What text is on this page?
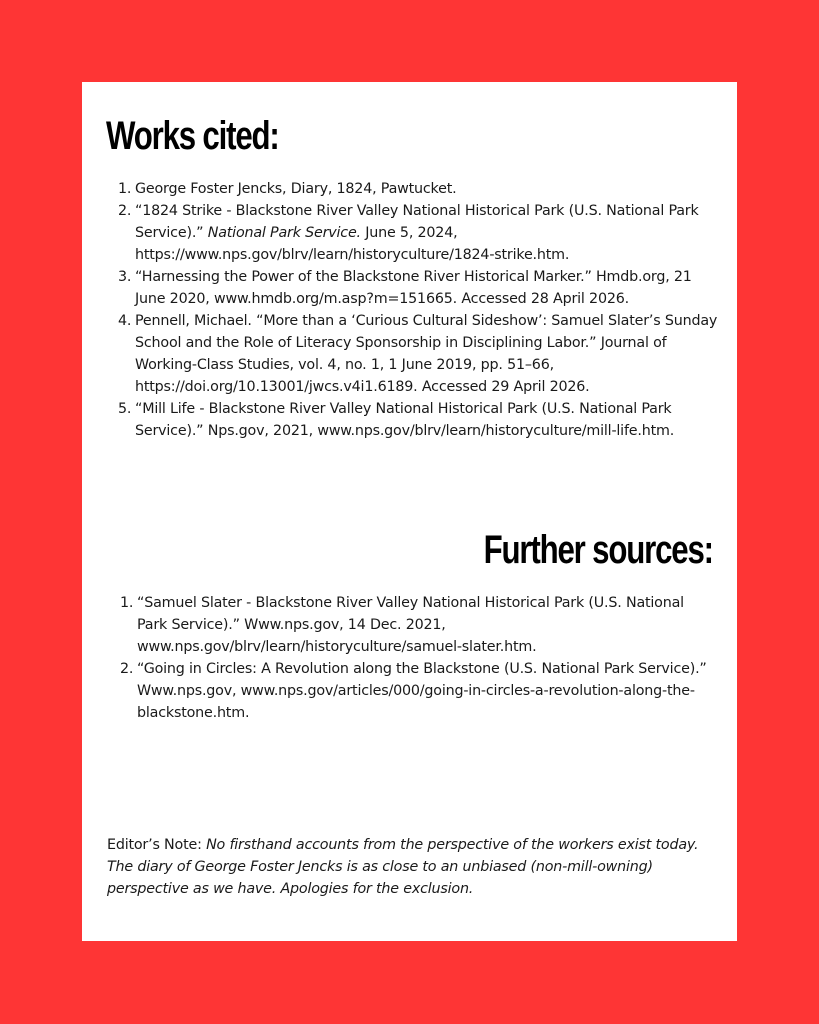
Works cited:
1. George Foster Jencks, Diary, 1824, Pawtucket.
2. “1824 Strike - Blackstone River Valley National Historical Park (U.S. National Park Service).” National Park Service. June 5, 2024, https://www.nps.gov/blrv/learn/historyculture/1824-strike.htm.
3. “Harnessing the Power of the Blackstone River Historical Marker.” Hmdb.org, 21 June 2020, www.hmdb.org/m.asp?m=151665. Accessed 28 April 2026.
4. Pennell, Michael. “More than a ‘Curious Cultural Sideshow’: Samuel Slater’s Sunday School and the Role of Literacy Sponsorship in Disciplining Labor.” Journal of Working-Class Studies, vol. 4, no. 1, 1 June 2019, pp. 51–66, https://doi.org/10.13001/jwcs.v4i1.6189. Accessed 29 April 2026.
5. “Mill Life - Blackstone River Valley National Historical Park (U.S. National Park Service).” Nps.gov, 2021, www.nps.gov/blrv/learn/historyculture/mill-life.htm.
Further sources:
1. “Samuel Slater - Blackstone River Valley National Historical Park (U.S. National Park Service).” Www.nps.gov, 14 Dec. 2021, www.nps.gov/blrv/learn/historyculture/samuel-slater.htm.
2. “Going in Circles: A Revolution along the Blackstone (U.S. National Park Service).” Www.nps.gov, www.nps.gov/articles/000/going-in-circles-a-revolution-along-the-blackstone.htm.
Editor’s Note: No firsthand accounts from the perspective of the workers exist today. The diary of George Foster Jencks is as close to an unbiased (non-mill-owning) perspective as we have. Apologies for the exclusion.
